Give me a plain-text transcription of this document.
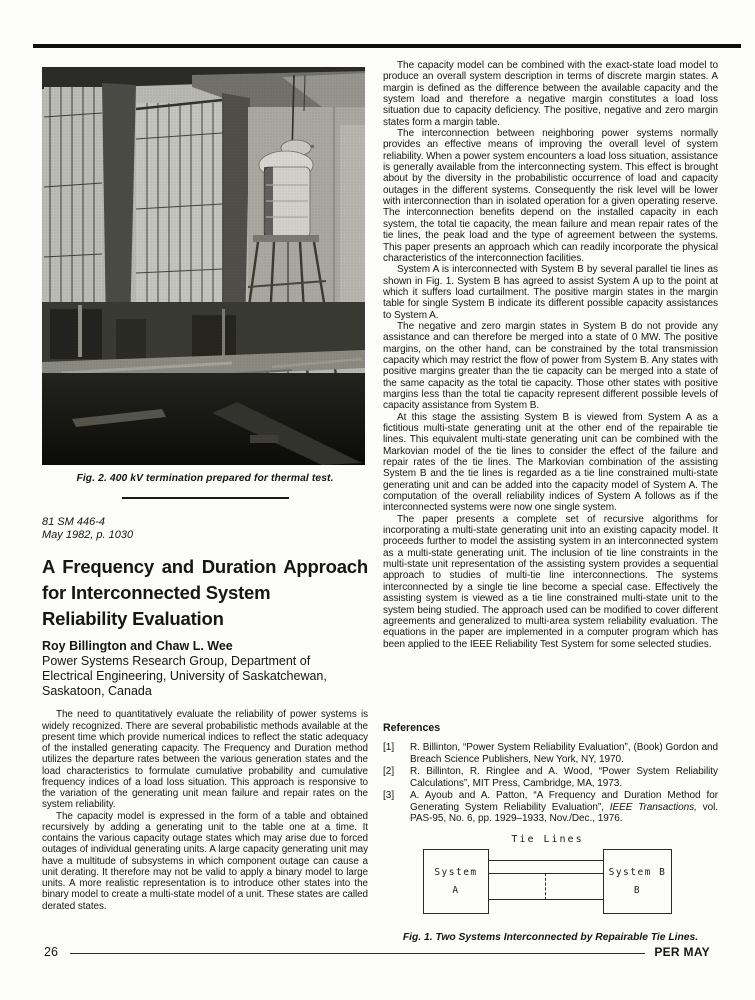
Fig. 2. 400 kV termination prepared for thermal test.
81 SM 446-4
May 1982, p. 1030
A Frequency and Duration Approach
for Interconnected System
Reliability Evaluation
Roy Billington and Chaw L. Wee
Power Systems Research Group, Department of
Electrical Engineering, University of Saskatchewan,
Saskatoon, Canada

The need to quantitatively evaluate the reliability of power systems is widely recognized. There are several probabilistic methods available at the present time which provide numerical indices to reflect the static adequacy of the installed generating capacity. The Frequency and Duration method utilizes the departure rates between the various generation states and the load characteristics to formulate cumulative probability and cumulative frequency indices of a load loss situation. This approach is responsive to the variation of the generating unit mean failure and repair rates on the system reliability.

The capacity model is expressed in the form of a table and obtained recursively by adding a generating unit to the table one at a time. It contains the various capacity outage states which may arise due to forced outages of individual generating units. A large capacity generating unit may have a multitude of subsystems in which component outage can cause a unit derating. It therefore may not be valid to apply a binary model to large units. A more realistic representation is to introduce other states into the binary model to create a multi-state model of a unit. These states are called derated states.

The capacity model can be combined with the exact-state load model to produce an overall system description in terms of discrete margin states. A margin is defined as the difference between the available capacity and the system load and therefore a negative margin constitutes a load loss situation due to capacity deficiency. The positive, negative and zero margin states form a margin table.

The interconnection between neighboring power systems normally provides an effective means of improving the overall level of system reliability. When a power system encounters a load loss situation, assistance is generally available from the interconnecting system. This effect is brought about by the diversity in the probabilistic occurrence of load and capacity outages in the different systems. Consequently the risk level will be lower with interconnection than in isolated operation for a given operating reserve. The interconnection benefits depend on the installed capacity in each system, the total tie capacity, the mean failure and mean repair rates of the tie lines, the peak load and the type of agreement between the systems. This paper presents an approach which can readily incorporate the physical characteristics of the interconnection facilities.

System A is interconnected with System B by several parallel tie lines as shown in Fig. 1. System B has agreed to assist System A up to the point at which it suffers load curtailment. The positive margin states in the margin table for single System B indicate its different possible capacity assistances to System A.

The negative and zero margin states in System B do not provide any assistance and can therefore be merged into a state of 0 MW. The positive margins, on the other hand, can be constrained by the total transmission capacity which may restrict the flow of power from System B. Any states with positive margins greater than the tie capacity can be merged into a state of the same capacity as the total tie capacity. Those other states with positive margins less than the total tie capacity represent different possible levels of capacity assistance from System B.

At this stage the assisting System B is viewed from System A as a fictitious multi-state generating unit at the other end of the repairable tie lines. This equivalent multi-state generating unit can be combined with the Markovian model of the tie lines to consider the effect of the failure and repair rates of the tie lines. The Markovian combination of the assisting System B and the tie lines is regarded as a tie line constrained multi-state generating unit and can be added into the capacity model of System A. The computation of the overall reliability indices of System A follows as if the interconnected systems were now one single system.

The paper presents a complete set of recursive algorithms for incorporating a multi-state generating unit into an existing capacity model. It proceeds further to model the assisting system in an interconnected system as a multi-state generating unit. The inclusion of tie line constraints in the multi-state unit representation of the assisting system provides a sequential approach to studies of multi-tie line interconnections. The systems interconnected by a single tie line become a special case. Effectively the assisting system is viewed as a tie line constrained multi-state unit to the system being studied. The approach used can be modified to cover different agreements and generalized to multi-area system reliability evaluation. The equations in the paper are implemented in a computer program which has been applied to the IEEE Reliability Test System for some selected studies.

References
[1]	R. Billinton, “Power System Reliability Evaluation”, (Book) Gordon and Breach Science Publishers, New York, NY, 1970.
[2]	R. Billinton, R. Ringlee and A. Wood, “Power System Reliability Calculations”, MIT Press, Cambridge, MA, 1973.
[3]	A. Ayoub and A. Patton, “A Frequency and Duration Method for Generating System Reliability Evaluation”, IEEE Transactions, vol. PAS-95, No. 6, pp. 1929–1933, Nov./Dec., 1976.
Tie Lines
System
A
System B
B
Fig. 1. Two Systems Interconnected by Repairable Tie Lines.
26	PER MAY
